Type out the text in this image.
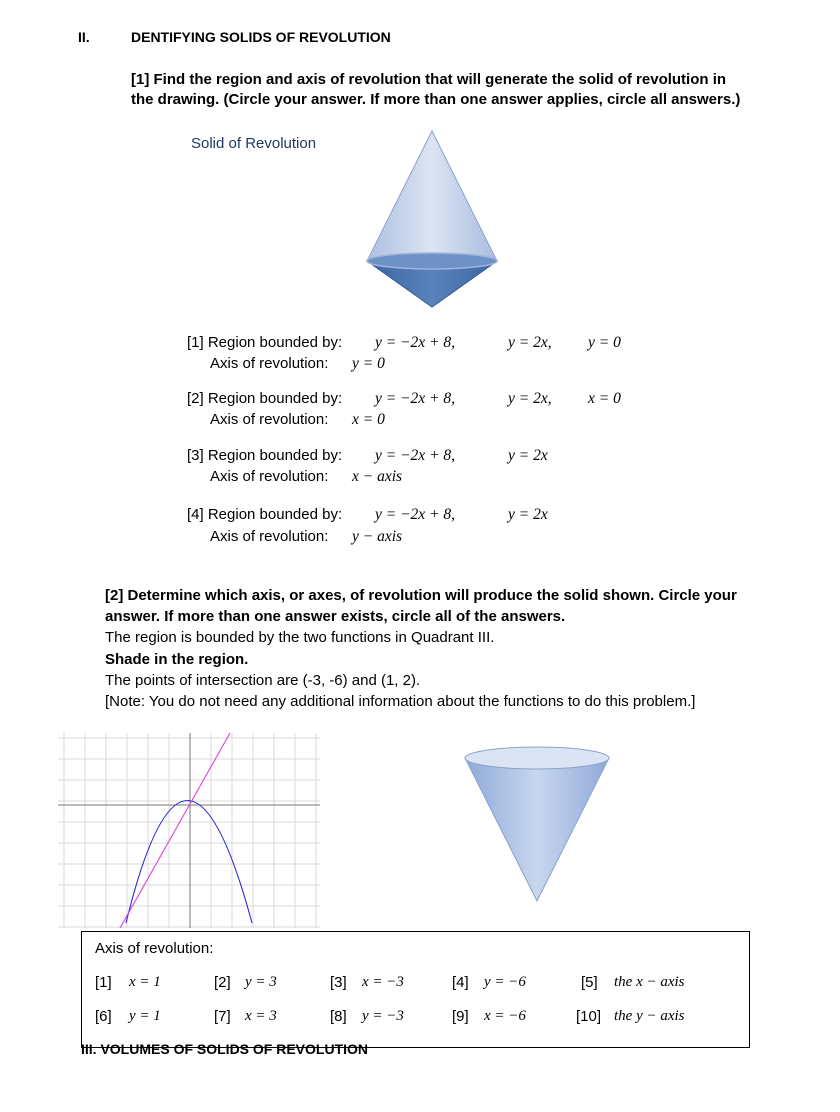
II.	DENTIFYING SOLIDS OF REVOLUTION
[1] Find the region and axis of revolution that will generate the solid of revolution in
the drawing. (Circle your answer. If more than one answer applies, circle all answers.)
Solid of Revolution
[1] Region bounded by: y = −2x + 8,	y = 2x, y = 0
Axis of revolution: y = 0
[2] Region bounded by: y = −2x + 8,	y = 2x, x = 0
Axis of revolution: x = 0
[3] Region bounded by: y = −2x + 8,	y = 2x
Axis of revolution: x − axis
[4] Region bounded by: y = −2x + 8,	y = 2x
Axis of revolution: y − axis
[2] Determine which axis, or axes, of revolution will produce the solid shown. Circle your
answer. If more than one answer exists, circle all of the answers.
The region is bounded by the two functions in Quadrant III.
Shade in the region.
The points of intersection are (-3, -6) and (1, 2).
[Note: You do not need any additional information about the functions to do this problem.]
III. VOLUMES OF SOLIDS OF REVOLUTION
Axis of revolution:
[1] x = 1	[2] y = 3	[3] x = −3	[4] y = −6	[5] the x − axis
[6] y = 1	[7] x = 3	[8] y = −3	[9] x = −6	[10] the y − axis
